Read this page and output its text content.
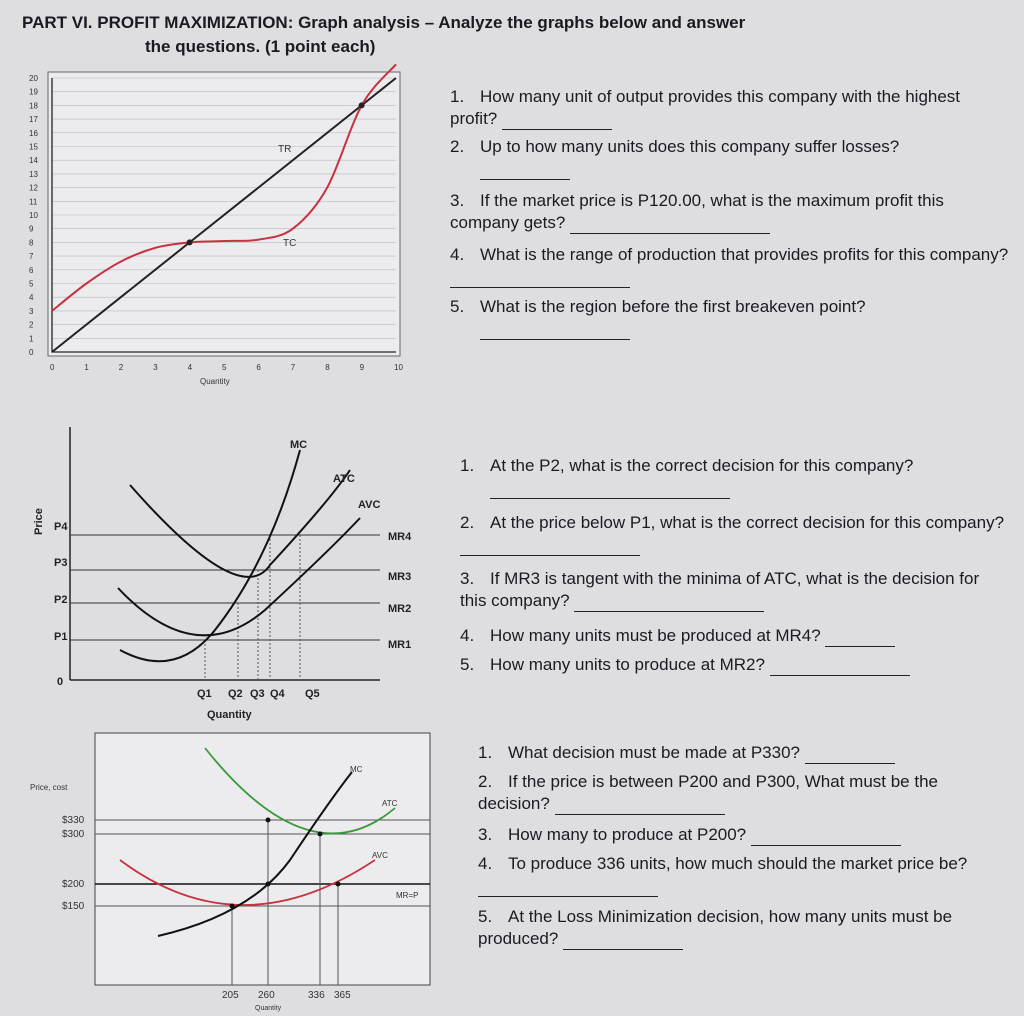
PART VI. PROFIT MAXIMIZATION: Graph analysis – Analyze the graphs below and answer
the questions. (1 point each)
20
19
18
17
16
15
14
13
12
11
10
9
8
7
6
5
4
3
2
1
0
0	1	2	3	4	5	6	7	8	9	10
TR
TC
Quantity
MC
ATC
AVC
MR4
MR3
MR2
MR1
P4
P3
P2
P1
0
Price
Q1 Q2 Q3 Q4 Q5
Quantity
MC
ATC
AVC
MR=P
Price, cost
$330
$300
$200
$150
205 260	336 365
Quantity
1. How many unit of output provides this company with the highest profit?
2. Up to how many units does this company suffer losses?
3. If the market price is P120.00, what is the maximum profit this company gets?
4. What is the range of production that provides profits for this company?
5. What is the region before the first breakeven point?
1. At the P2, what is the correct decision for this company?
2. At the price below P1, what is the correct decision for this company?
3. If MR3 is tangent with the minima of ATC, what is the decision for this company?
4. How many units must be produced at MR4?
5. How many units to produce at MR2?
1. What decision must be made at P330?
2. If the price is between P200 and P300, What must be the decision?
3. How many to produce at P200?
4. To produce 336 units, how much should the market price be?
5. At the Loss Minimization decision, how many units must be produced?
